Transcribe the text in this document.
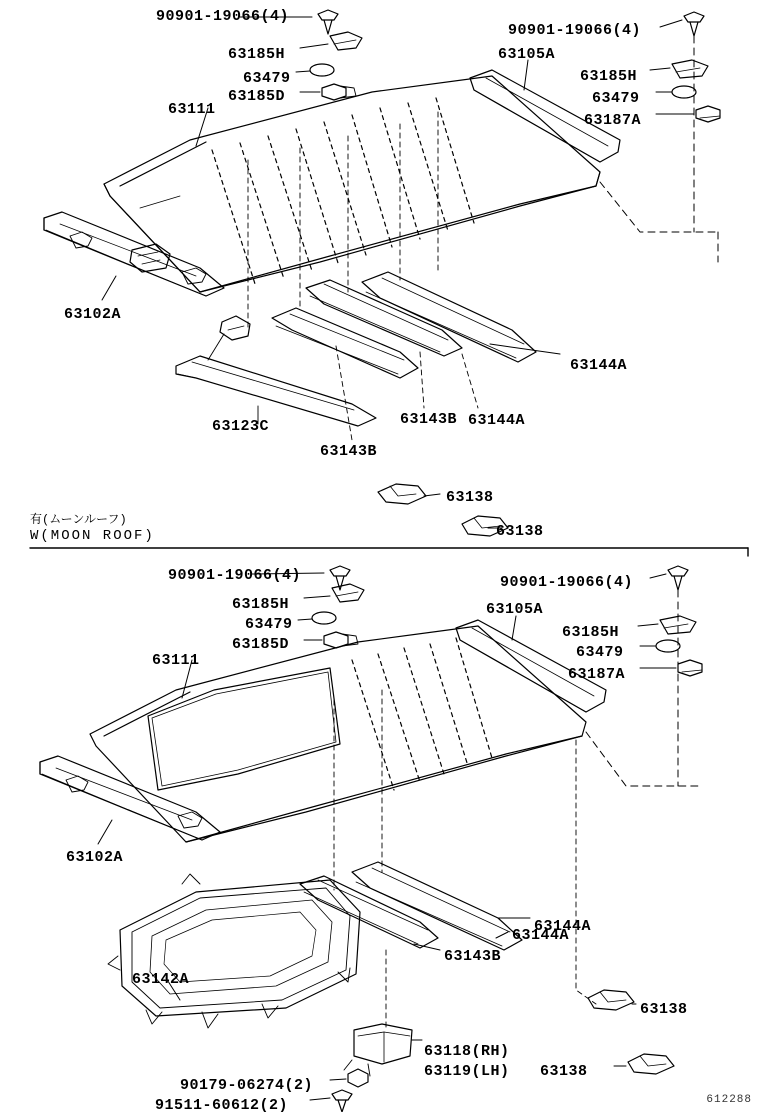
90901-19066(4)
63185H
63479
63185D
63111
90901-19066(4)
63105A
63185H
63479
63187A
63102A
63144A
63123C
63143B
63143B 63144A
63138
63138
有(ムーンルーフ)
W(MOON ROOF)
90901-19066(4)
63185H
63479
63185D
63111
90901-19066(4)
63105A
63185H
63479
63187A
63102A
63144A
63144A
63143B
63142A
63138
63118(RH)
63119(LH) 63138
90179-06274(2)
91511-60612(2)	612288
